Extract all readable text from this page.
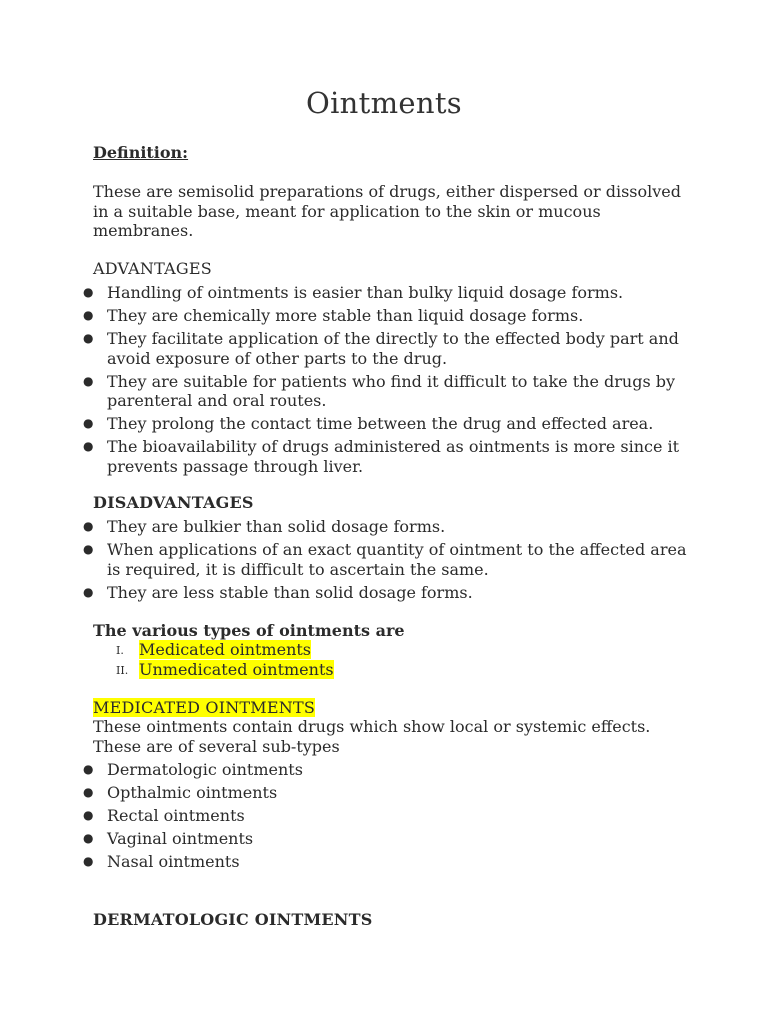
Ointments
Definition:
These are semisolid preparations of drugs, either dispersed or dissolved in a suitable base, meant for application to the skin or mucous membranes.
ADVANTAGES
● Handling of ointments is easier than bulky liquid dosage forms.
● They are chemically more stable than liquid dosage forms.
● They facilitate application of the directly to the effected body part and avoid exposure of other parts to the drug.
● They are suitable for patients who find it difficult to take the drugs by parenteral and oral routes.
● They prolong the contact time between the drug and effected area.
● The bioavailability of drugs administered as ointments is more since it prevents passage through liver.
DISADVANTAGES
● They are bulkier than solid dosage forms.
● When applications of an exact quantity of ointment to the affected area is required, it is difficult to ascertain the same.
● They are less stable than solid dosage forms.
The various types of ointments are
I. Medicated ointments
II. Unmedicated ointments
MEDICATED OINTMENTS
These ointments contain drugs which show local or systemic effects.
These are of several sub-types
● Dermatologic ointments
● Opthalmic ointments
● Rectal ointments
● Vaginal ointments
● Nasal ointments
DERMATOLOGIC OINTMENTS
